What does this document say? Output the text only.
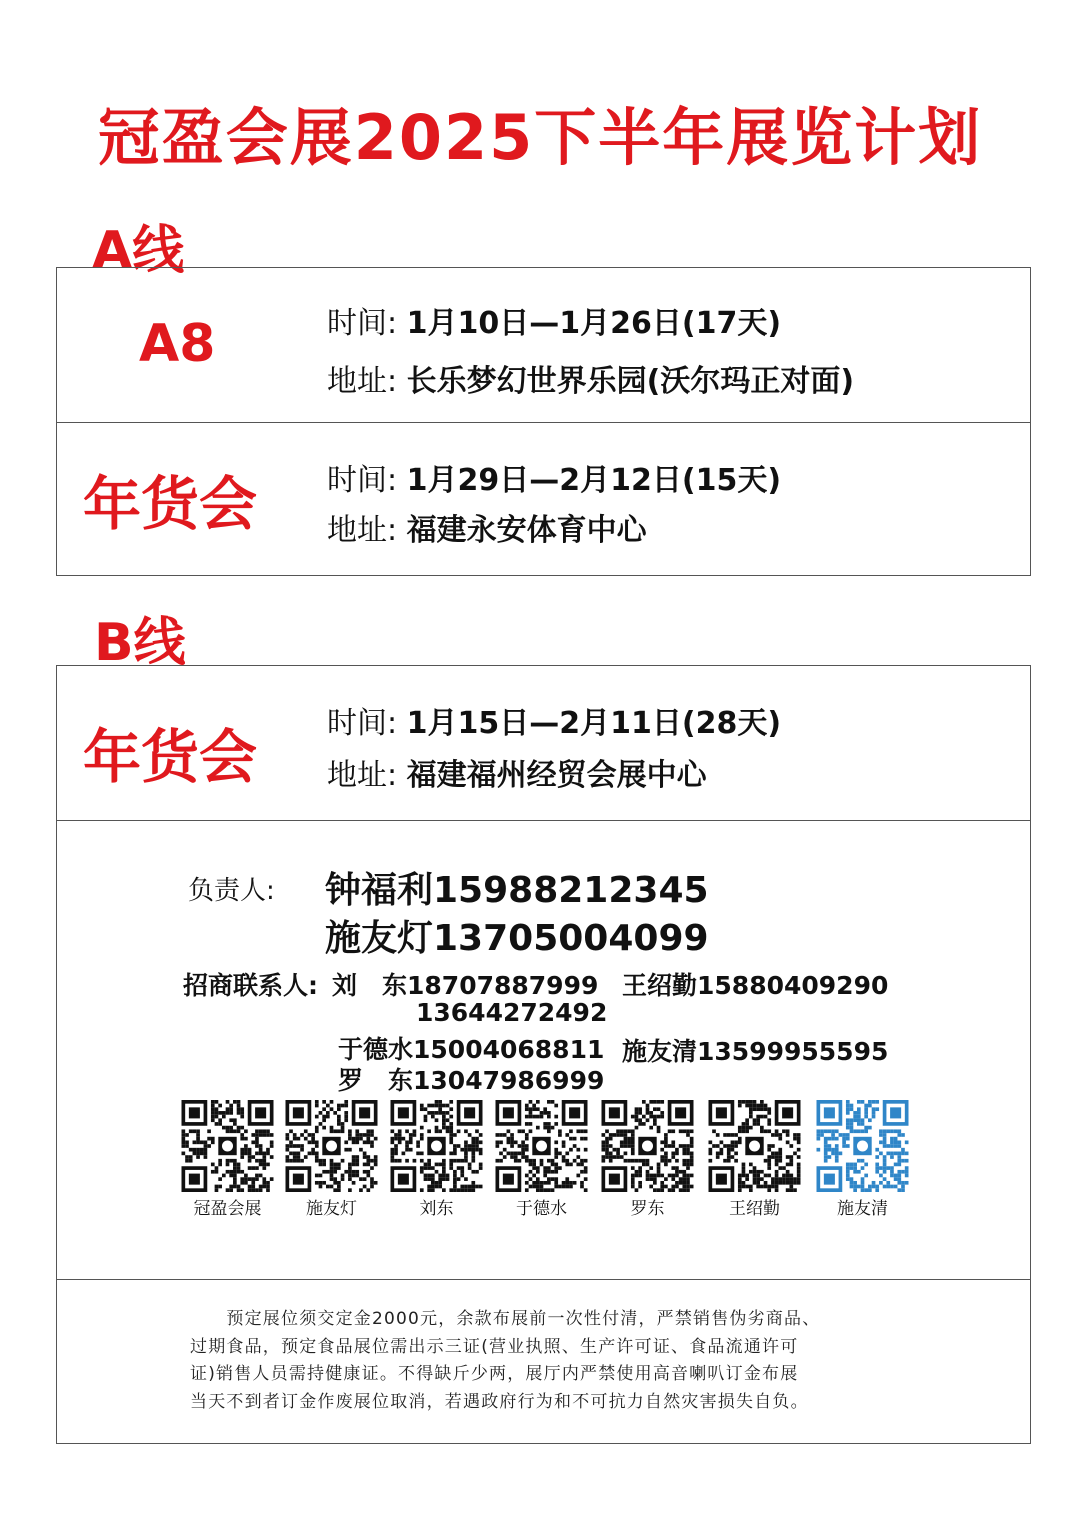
冠盈会展2025下半年展览计划
A线
A8	时间: 1月10日—1月26日(17天)
地址: 长乐梦幻世界乐园(沃尔玛正对面)
年货会 时间: 1月29日—2月12日(15天)
地址: 福建永安体育中心
B线
年货会 时间: 1月15日—2月11日(28天)
地址: 福建福州经贸会展中心
负责人: 钟福利15988212345
施友灯13705004099
招商联系人: 刘　东18707887999 王绍勤15880409290
13644272492
于德水15004068811 施友清13599955595
罗　东13047986999
冠盈会展	施友灯	刘东	于德水	罗东	王绍勤	施友清

　　预定展位须交定金2000元，余款布展前一次性付清，严禁销售伪劣商品、

过期食品，预定食品展位需出示三证(营业执照、生产许可证、食品流通许可

证)销售人员需持健康证。不得缺斤少两，展厅内严禁使用高音喇叭订金布展

当天不到者订金作废展位取消，若遇政府行为和不可抗力自然灾害损失自负。
